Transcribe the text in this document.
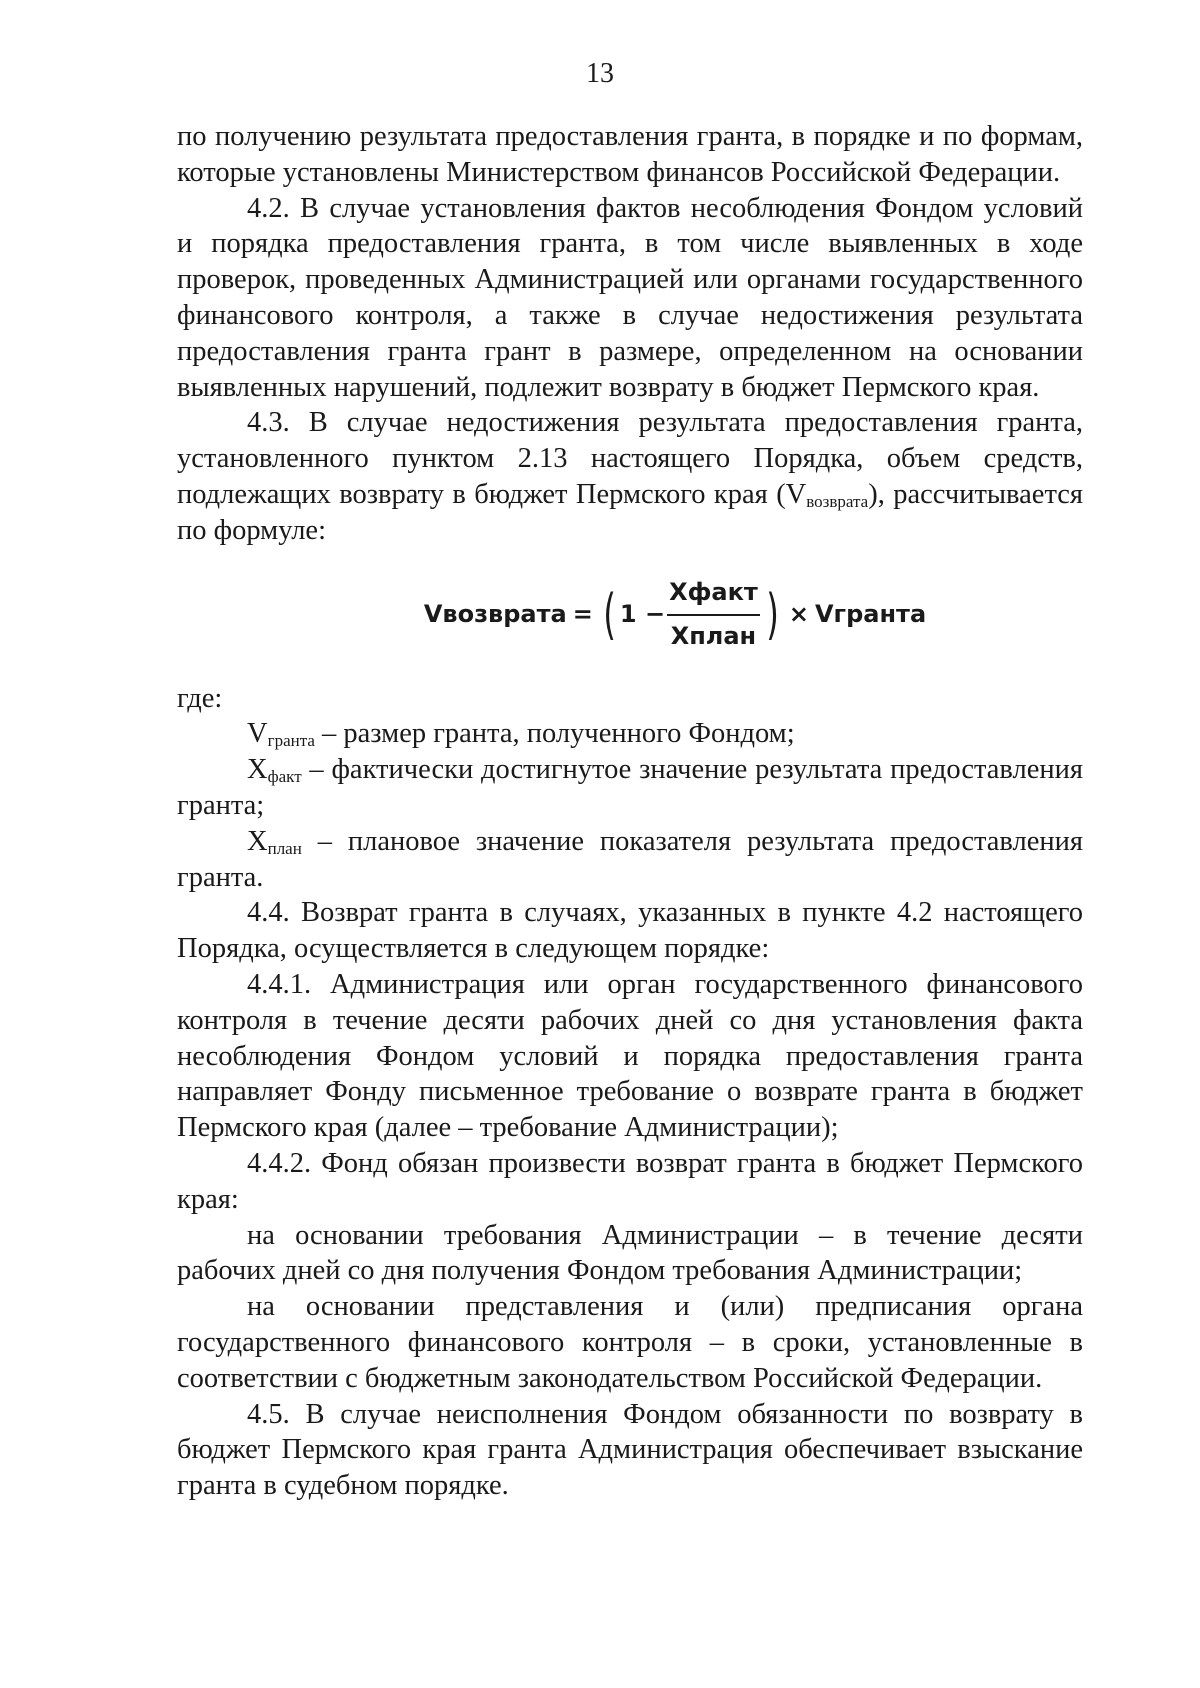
13

по получению результата предоставления гранта, в порядке и по формам, которые установлены Министерством финансов Российской Федерации.

4.2. В случае установления фактов несоблюдения Фондом условий и порядка предоставления гранта, в том числе выявленных в ходе проверок, проведенных Администрацией или органами государственного финансового контроля, а также в случае недостижения результата предоставления гранта грант в размере, определенном на основании выявленных нарушений, подлежит возврату в бюджет Пермского края.

4.3. В случае недостижения результата предоставления гранта, установленного пунктом 2.13 настоящего Порядка, объем средств, подлежащих возврату в бюджет Пермского края $(V_{возврата})$, рассчитывается по формуле:

Vвозврата = ( $1 - \frac{\text{Хфакт}}{\text{Хплан}}$ ) × Vгранта

где:

$V_{гранта}$ – размер гранта, полученного Фондом;

$Х_{факт}$ – фактически достигнутое значение результата предоставления гранта;

$Х_{план}$ – плановое значение показателя результата предоставления гранта.

4.4. Возврат гранта в случаях, указанных в пункте 4.2 настоящего Порядка, осуществляется в следующем порядке:

4.4.1. Администрация или орган государственного финансового контроля в течение десяти рабочих дней со дня установления факта несоблюдения Фондом условий и порядка предоставления гранта направляет Фонду письменное требование о возврате гранта в бюджет Пермского края (далее – требование Администрации);

4.4.2. Фонд обязан произвести возврат гранта в бюджет Пермского края:

на основании требования Администрации – в течение десяти рабочих дней со дня получения Фондом требования Администрации;

на основании представления и (или) предписания органа государственного финансового контроля – в сроки, установленные в соответствии с бюджетным законодательством Российской Федерации.

4.5. В случае неисполнения Фондом обязанности по возврату в бюджет Пермского края гранта Администрация обеспечивает взыскание гранта в судебном порядке.
